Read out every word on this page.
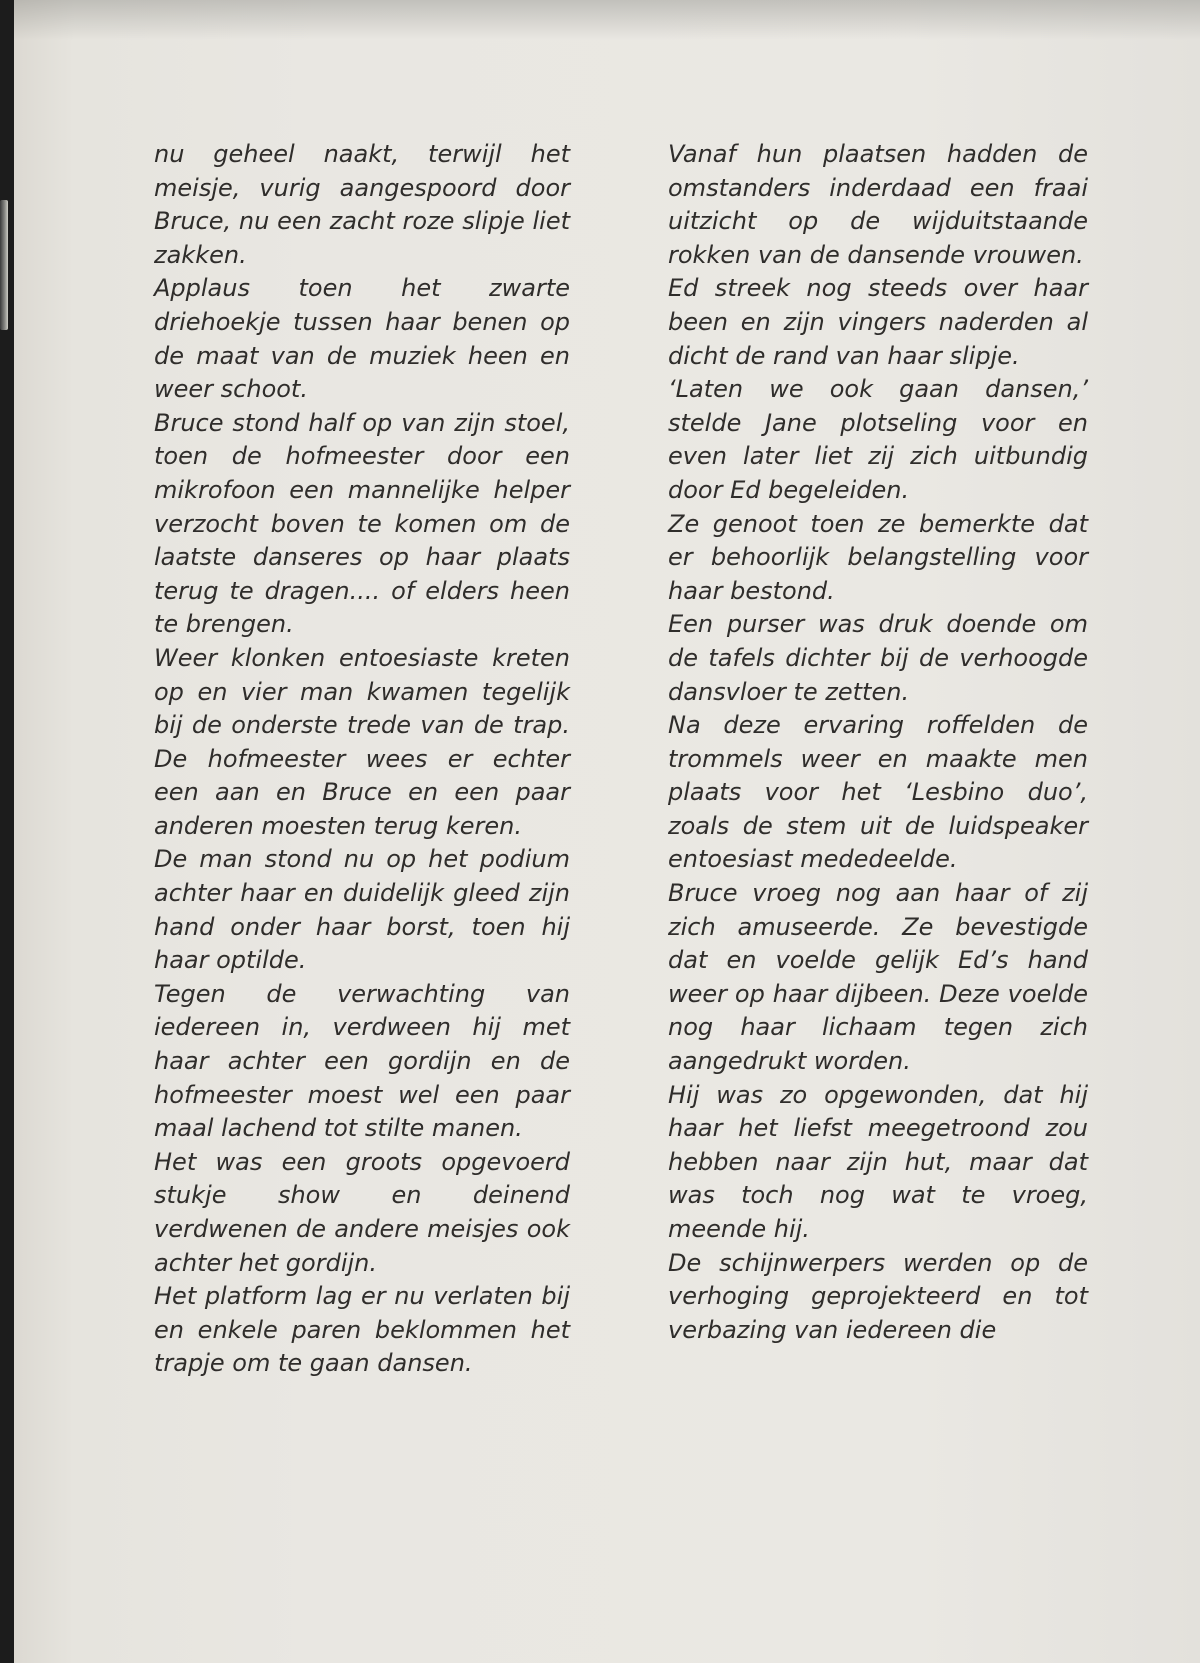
nu geheel naakt, terwijl het meisje, vurig aangespoord door Bruce, nu een zacht roze slipje liet zakken.

Applaus toen het zwarte driehoekje tussen haar benen op de maat van de muziek heen en weer schoot.

Bruce stond half op van zijn stoel, toen de hofmeester door een mikrofoon een mannelijke helper verzocht boven te komen om de laatste danseres op haar plaats terug te dragen.... of elders heen te brengen.

Weer klonken entoesiaste kreten op en vier man kwamen tegelijk bij de onderste trede van de trap. De hofmeester wees er echter een aan en Bruce en een paar anderen moesten terug keren.

De man stond nu op het podium achter haar en duidelijk gleed zijn hand onder haar borst, toen hij haar optilde.

Tegen de verwachting van iedereen in, verdween hij met haar achter een gordijn en de hofmeester moest wel een paar maal lachend tot stilte manen.

Het was een groots opgevoerd stukje show en deinend verdwenen de andere meisjes ook achter het gordijn.

Het platform lag er nu verlaten bij en enkele paren beklommen het trapje om te gaan dansen.

Vanaf hun plaatsen hadden de omstanders inderdaad een fraai uitzicht op de wijduitstaande rokken van de dansende vrouwen.

Ed streek nog steeds over haar been en zijn vingers naderden al dicht de rand van haar slipje.

‘Laten we ook gaan dansen,’ stelde Jane plotseling voor en even later liet zij zich uitbundig door Ed begeleiden.

Ze genoot toen ze bemerkte dat er behoorlijk belangstelling voor haar bestond.

Een purser was druk doende om de tafels dichter bij de verhoogde dansvloer te zetten.

Na deze ervaring roffelden de trommels weer en maakte men plaats voor het ‘Lesbino duo’, zoals de stem uit de luidspeaker entoesiast mededeelde.

Bruce vroeg nog aan haar of zij zich amuseerde. Ze bevestigde dat en voelde gelijk Ed’s hand weer op haar dijbeen. Deze voelde nog haar lichaam tegen zich aangedrukt worden.

Hij was zo opgewonden, dat hij haar het liefst meegetroond zou hebben naar zijn hut, maar dat was toch nog wat te vroeg, meende hij.

De schijnwerpers werden op de verhoging geprojekteerd en tot verbazing van iedereen die
